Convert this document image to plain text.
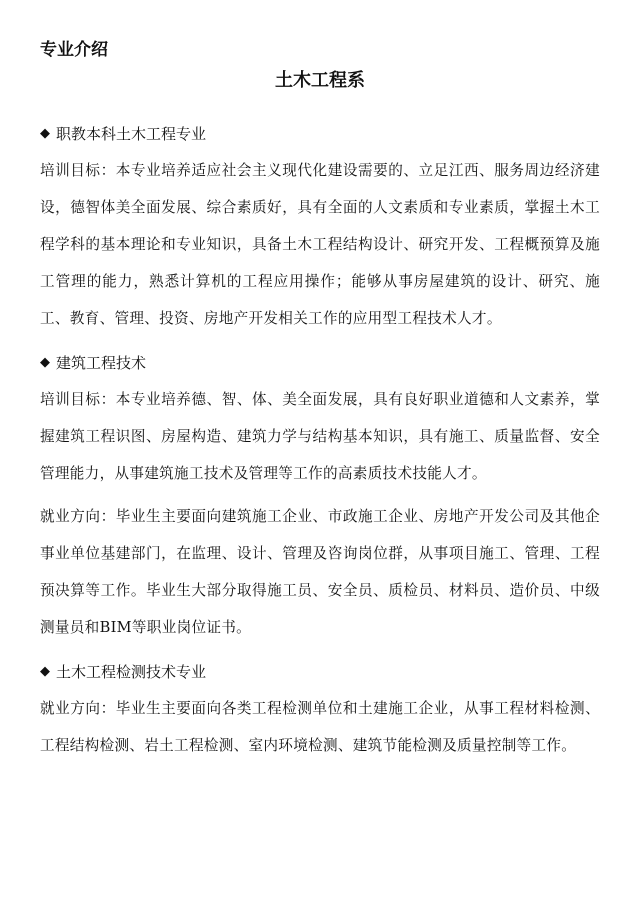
专业介绍
土木工程系
◆ 职教本科土木工程专业

培训目标：本专业培养适应社会主义现代化建设需要的、立足江西、服务周边经济建设，德智体美全面发展、综合素质好，具有全面的人文素质和专业素质，掌握土木工程学科的基本理论和专业知识，具备土木工程结构设计、研究开发、工程概预算及施工管理的能力，熟悉计算机的工程应用操作；能够从事房屋建筑的设计、研究、施工、教育、管理、投资、房地产开发相关工作的应用型工程技术人才。

◆ 建筑工程技术

培训目标：本专业培养德、智、体、美全面发展，具有良好职业道德和人文素养，掌握建筑工程识图、房屋构造、建筑力学与结构基本知识，具有施工、质量监督、安全管理能力，从事建筑施工技术及管理等工作的高素质技术技能人才。

就业方向：毕业生主要面向建筑施工企业、市政施工企业、房地产开发公司及其他企事业单位基建部门，在监理、设计、管理及咨询岗位群，从事项目施工、管理、工程预决算等工作。毕业生大部分取得施工员、安全员、质检员、材料员、造价员、中级测量员和BIM等职业岗位证书。

◆ 土木工程检测技术专业

就业方向：毕业生主要面向各类工程检测单位和土建施工企业，从事工程材料检测、工程结构检测、岩土工程检测、室内环境检测、建筑节能检测及质量控制等工作。
